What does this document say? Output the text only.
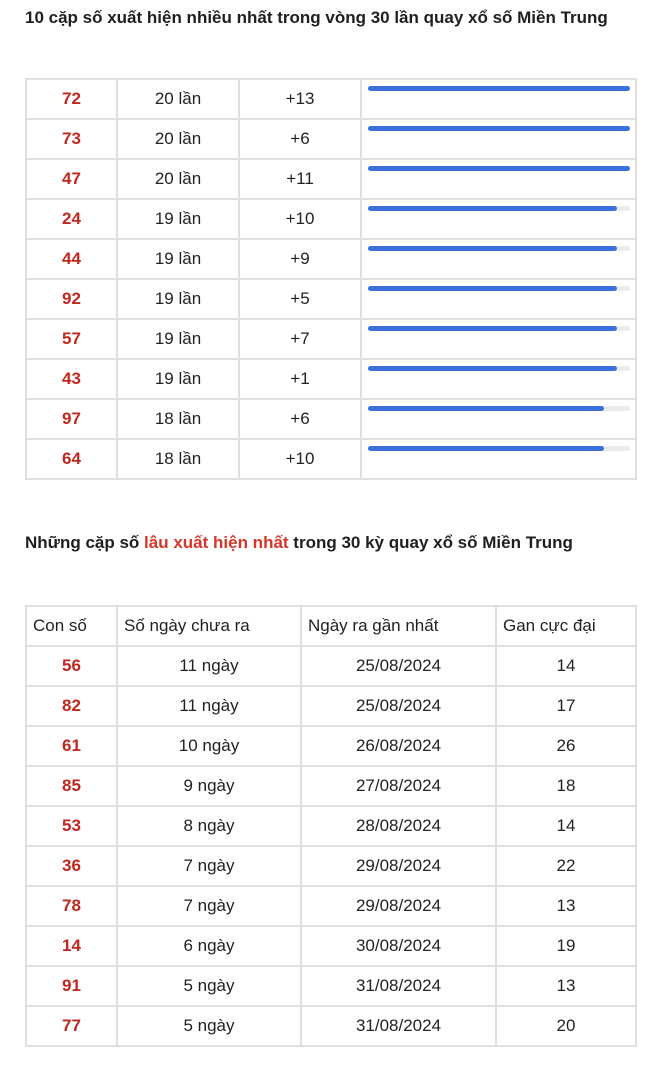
10 cặp số xuất hiện nhiều nhất trong vòng 30 lần quay xổ số Miền Trung
72	20 lần	+13	

73	20 lần	+6	

47	20 lần	+11	

24	19 lần	+10	

44	19 lần	+9	

92	19 lần	+5	

57	19 lần	+7	

43	19 lần	+1	

97	18 lần	+6	

64	18 lần	+10	
Những cặp số lâu xuất hiện nhất trong 30 kỳ quay xổ số Miền Trung
Con số	Số ngày chưa ra	Ngày ra gần nhất	Gan cực đại
56	11 ngày	25/08/2024	14
82	11 ngày	25/08/2024	17
61	10 ngày	26/08/2024	26
85	9 ngày	27/08/2024	18
53	8 ngày	28/08/2024	14
36	7 ngày	29/08/2024	22
78	7 ngày	29/08/2024	13
14	6 ngày	30/08/2024	19
91	5 ngày	31/08/2024	13
77	5 ngày	31/08/2024	20
